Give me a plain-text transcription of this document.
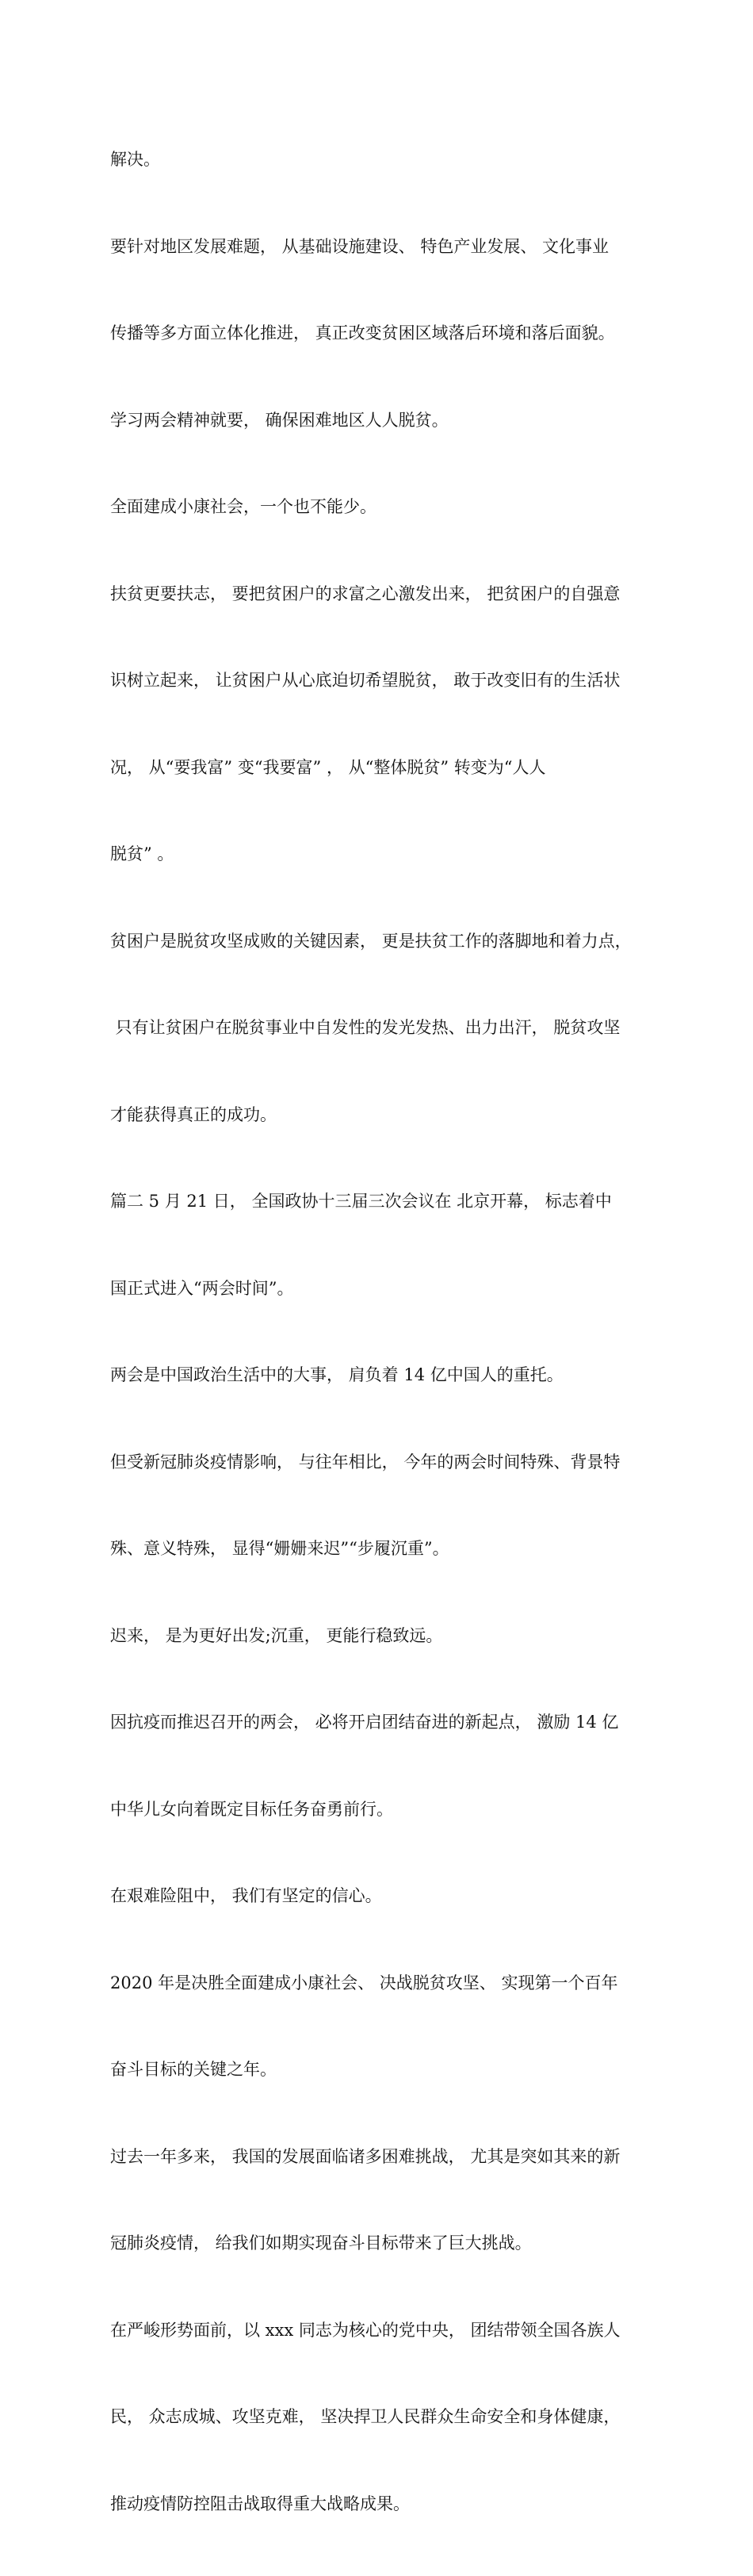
解决。

要针对地区发展难题， 从基础设施建设、 特色产业发展、 文化事业

传播等多方面立体化推进， 真正改变贫困区域落后环境和落后面貌。

学习两会精神就要， 确保困难地区人人脱贫。

全面建成小康社会，一个也不能少。

扶贫更要扶志， 要把贫困户的求富之心激发出来， 把贫困户的自强意

识树立起来， 让贫困户从心底迫切希望脱贫， 敢于改变旧有的生活状

况， 从“要我富” 变“我要富” ， 从“整体脱贫” 转变为“人人

脱贫” 。

贫困户是脱贫攻坚成败的关键因素， 更是扶贫工作的落脚地和着力点，

只有让贫困户在脱贫事业中自发性的发光发热、出力出汗， 脱贫攻坚

才能获得真正的成功。

篇二 5 月 21 日， 全国政协十三届三次会议在 北京开幕， 标志着中

国正式进入“两会时间”。

两会是中国政治生活中的大事， 肩负着 14 亿中国人的重托。

但受新冠肺炎疫情影响， 与往年相比， 今年的两会时间特殊、背景特

殊、意义特殊， 显得“姗姗来迟”“步履沉重”。

迟来， 是为更好出发;沉重， 更能行稳致远。

因抗疫而推迟召开的两会， 必将开启团结奋进的新起点， 激励 14 亿

中华儿女向着既定目标任务奋勇前行。

在艰难险阻中， 我们有坚定的信心。

2020 年是决胜全面建成小康社会、 决战脱贫攻坚、 实现第一个百年

奋斗目标的关键之年。

过去一年多来， 我国的发展面临诸多困难挑战， 尤其是突如其来的新

冠肺炎疫情， 给我们如期实现奋斗目标带来了巨大挑战。

在严峻形势面前，以 xxx 同志为核心的党中央， 团结带领全国各族人

民， 众志成城、攻坚克难， 坚决捍卫人民群众生命安全和身体健康，

推动疫情防控阻击战取得重大战略成果。
